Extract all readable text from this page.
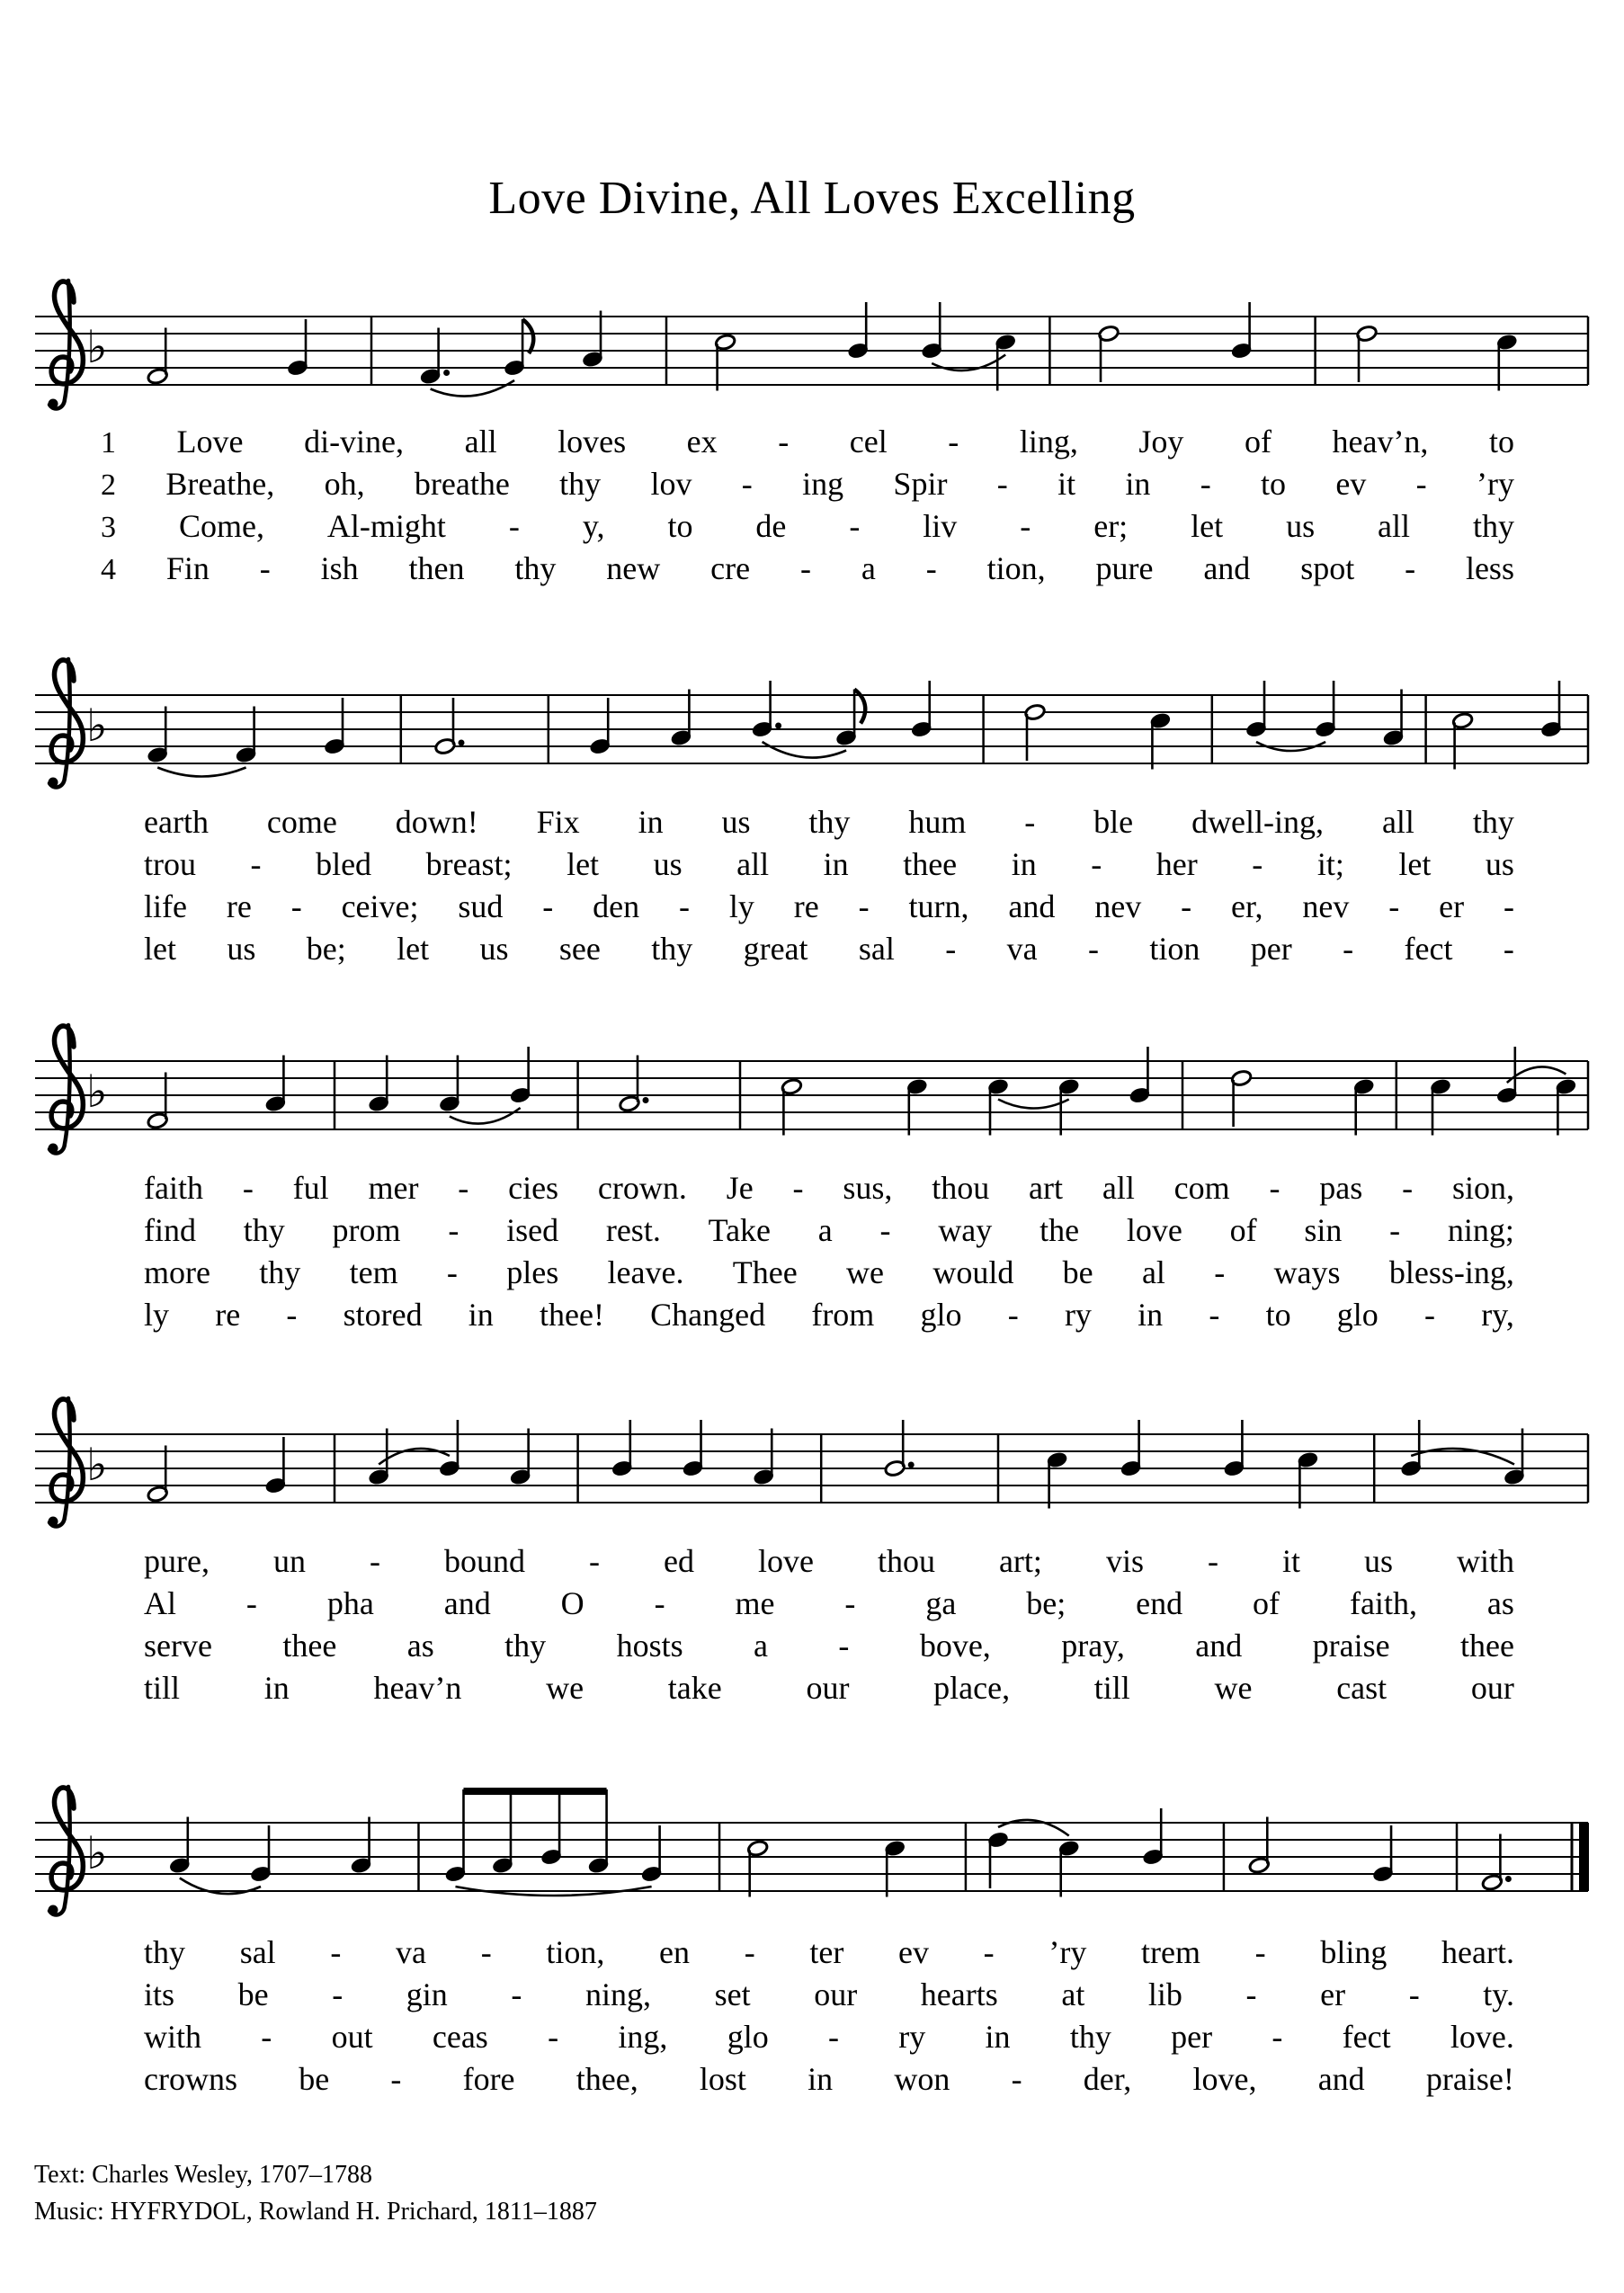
Love Divine, All Loves Excelling
♭
1 Love di-vine, all loves ex - cel - ling, Joy of heav’n, to
2 Breathe, oh, breathe thy lov - ing Spir - it in - to ev - ’ry
3 Come, Al-might - y, to de - liv - er; let us all thy
4 Fin - ish then thy new cre - a - tion, pure and spot - less
♭
earth come down! Fix in us thy hum - ble dwell-ing, all thy
trou - bled breast; let us all in thee in - her - it; let us
life re - ceive; sud - den - ly re - turn, and nev - er, nev - er -
let us be; let us see thy great sal - va - tion per - fect -
♭
faith - ful mer - cies crown. Je - sus, thou art all com - pas - sion,
find thy prom - ised rest. Take a - way the love of sin - ning;
more thy tem - ples leave. Thee we would be al - ways bless-ing,
ly re - stored in thee! Changed from glo - ry in - to glo - ry,
♭
pure, un - bound - ed love thou art; vis - it us with
Al - pha and O - me - ga be; end of faith, as
serve thee as thy hosts a - bove, pray, and praise thee
till	in	heav’n	we	take	our	place,	till	we	cast	our
♭
thy sal - va - tion, en - ter ev - ’ry trem - bling heart.
its be - gin - ning, set our hearts at lib - er - ty.
with - out ceas - ing, glo - ry in thy per - fect love.
crowns be - fore thee, lost in won - der, love, and praise!
Text: Charles Wesley, 1707–1788
Music: HYFRYDOL, Rowland H. Prichard, 1811–1887
